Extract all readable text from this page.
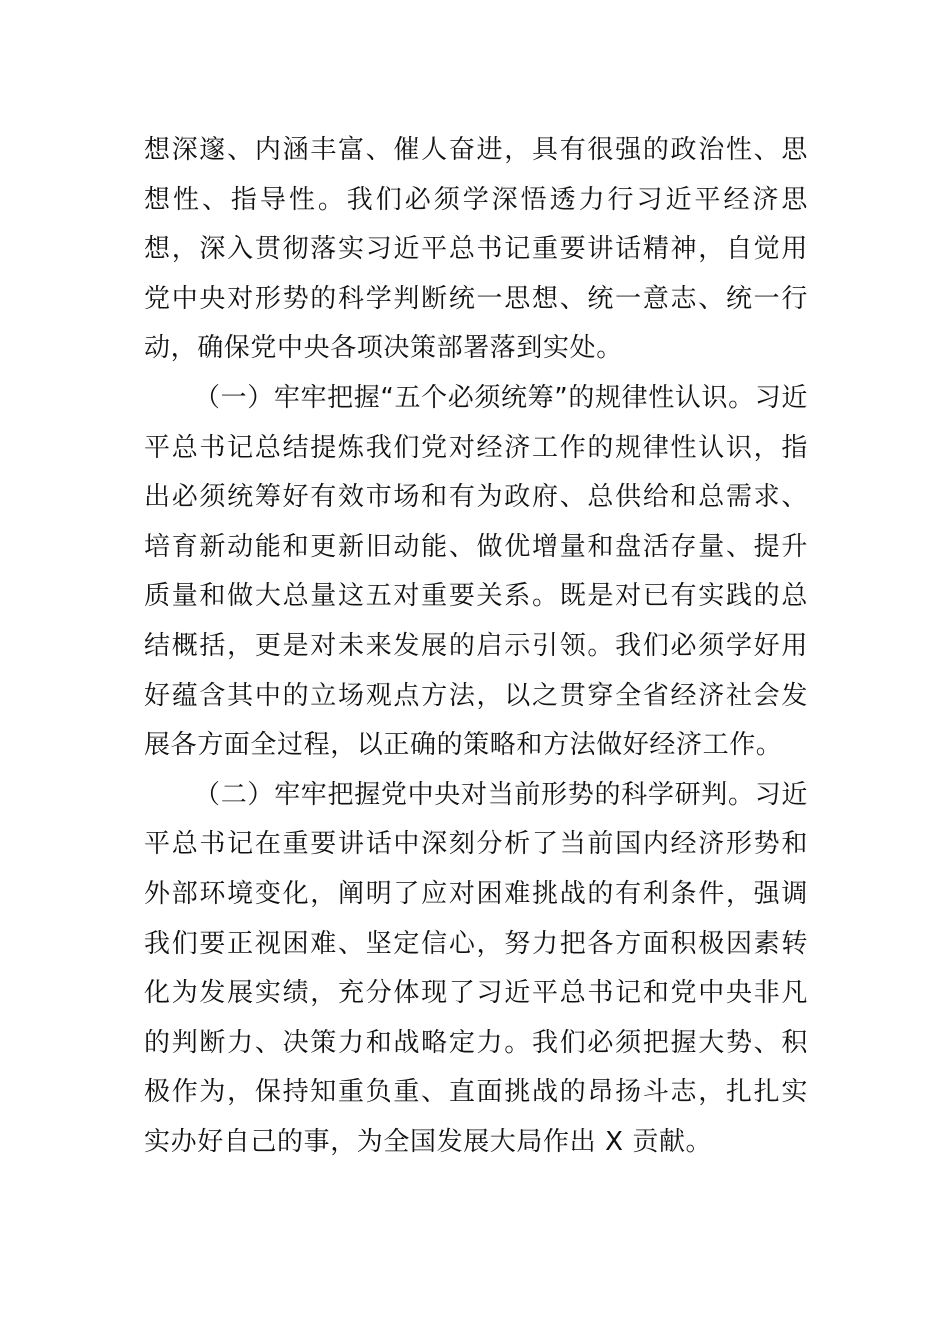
想深邃、内涵丰富、催人奋进，具有很强的政治性、思想性、指导性。我们必须学深悟透力行习近平经济思想，深入贯彻落实习近平总书记重要讲话精神，自觉用党中央对形势的科学判断统一思想、统一意志、统一行动，确保党中央各项决策部署落到实处。

（一）牢牢把握“五个必须统筹”的规律性认识。习近平总书记总结提炼我们党对经济工作的规律性认识，指出必须统筹好有效市场和有为政府、总供给和总需求、培育新动能和更新旧动能、做优增量和盘活存量、提升质量和做大总量这五对重要关系。既是对已有实践的总结概括，更是对未来发展的启示引领。我们必须学好用好蕴含其中的立场观点方法，以之贯穿全省经济社会发展各方面全过程，以正确的策略和方法做好经济工作。

（二）牢牢把握党中央对当前形势的科学研判。习近平总书记在重要讲话中深刻分析了当前国内经济形势和外部环境变化，阐明了应对困难挑战的有利条件，强调我们要正视困难、坚定信心，努力把各方面积极因素转化为发展实绩，充分体现了习近平总书记和党中央非凡的判断力、决策力和战略定力。我们必须把握大势、积极作为，保持知重负重、直面挑战的昂扬斗志，扎扎实实办好自己的事，为全国发展大局作出 X 贡献。
